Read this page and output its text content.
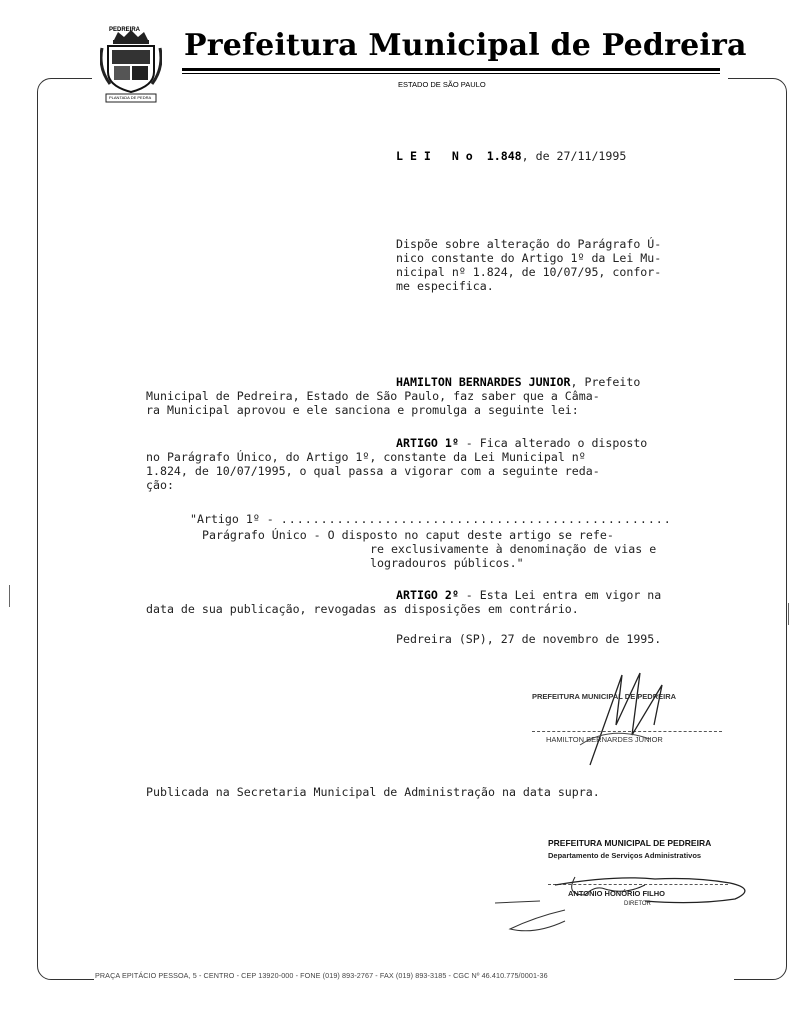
PEDREIRA
PLANTADA DE PEDRA
Prefeitura Municipal de Pedreira
ESTADO DE SÃO PAULO
L E I   N o 1.848, de 27/11/1995
Dispõe sobre alteração do Parágrafo Ú-
nico constante do Artigo 1º da Lei Mu-
nicipal nº 1.824, de 10/07/95, confor-
me especifica.
HAMILTON BERNARDES JUNIOR, Prefeito
Municipal de Pedreira, Estado de São Paulo, faz saber que a Câma-
ra Municipal aprovou e ele sanciona e promulga a seguinte lei:
ARTIGO 1º - Fica alterado o disposto
no Parágrafo Único, do Artigo 1º, constante da Lei Municipal nº
1.824, de 10/07/1995, o qual passa a vigorar com a seguinte reda-
ção:
"Artigo 1º - .................................................
Parágrafo Único - O disposto no caput deste artigo se refe-
re exclusivamente à denominação de vias e
logradouros públicos."
ARTIGO 2º - Esta Lei entra em vigor na
data de sua publicação, revogadas as disposições em contrário.
Pedreira (SP), 27 de novembro de 1995.
PREFEITURA MUNICIPAL DE PEDREIRA
HAMILTON BERNARDES JUNIOR
Publicada na Secretaria Municipal de Administração na data supra.
PREFEITURA MUNICIPAL DE PEDREIRA
Departamento de Serviços Administrativos
ANTONIO HONÓRIO FILHO
DIRETOR
PRAÇA EPITÁCIO PESSOA, 5 - CENTRO - CEP 13920-000 - FONE (019) 893-2767 - FAX (019) 893-3185 - CGC Nº 46.410.775/0001-36
